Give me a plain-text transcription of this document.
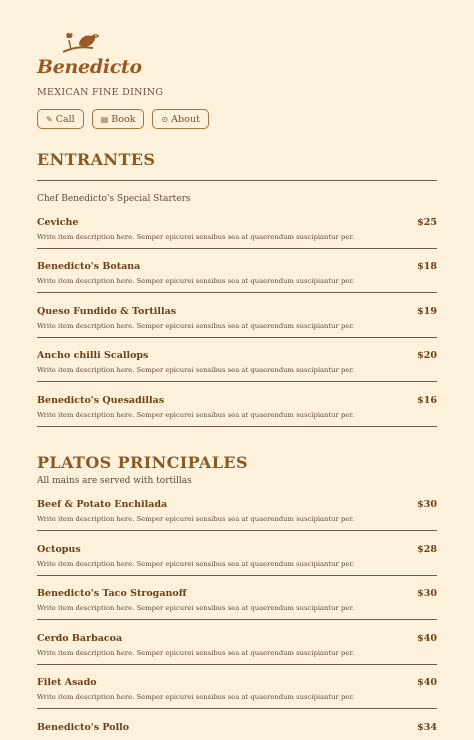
Benedicto
MEXICAN FINE DINING
✎ Call	▤ Book	⊙ About
ENTRANTES
Chef Benedicto's Special Starters
Ceviche	$25
Write item description here. Semper epicurei sensibus sea at quaerendum suscipiantur per.
Benedicto's Botana	$18
Write item description here. Semper epicurei sensibus sea at quaerendum suscipiantur per.
Queso Fundido & Tortillas	$19
Write item description here. Semper epicurei sensibus sea at quaerendum suscipiantur per.
Ancho chilli Scallops	$20
Write item description here. Semper epicurei sensibus sea at quaerendum suscipiantur per.
Benedicto's Quesadillas	$16
Write item description here. Semper epicurei sensibus sea at quaerendum suscipiantur per.
PLATOS PRINCIPALES
All mains are served with tortillas
Beef & Potato Enchilada	$30
Write item description here. Semper epicurei sensibus sea at quaerendum suscipiantur per.
Octopus	$28
Write item description here. Semper epicurei sensibus sea at quaerendum suscipiantur per.
Benedicto's Taco Stroganoff	$30
Write item description here. Semper epicurei sensibus sea at quaerendum suscipiantur per.
Cerdo Barbacoa	$40
Write item description here. Semper epicurei sensibus sea at quaerendum suscipiantur per.
Filet Asado	$40
Write item description here. Semper epicurei sensibus sea at quaerendum suscipiantur per.
Benedicto's Pollo	$34
